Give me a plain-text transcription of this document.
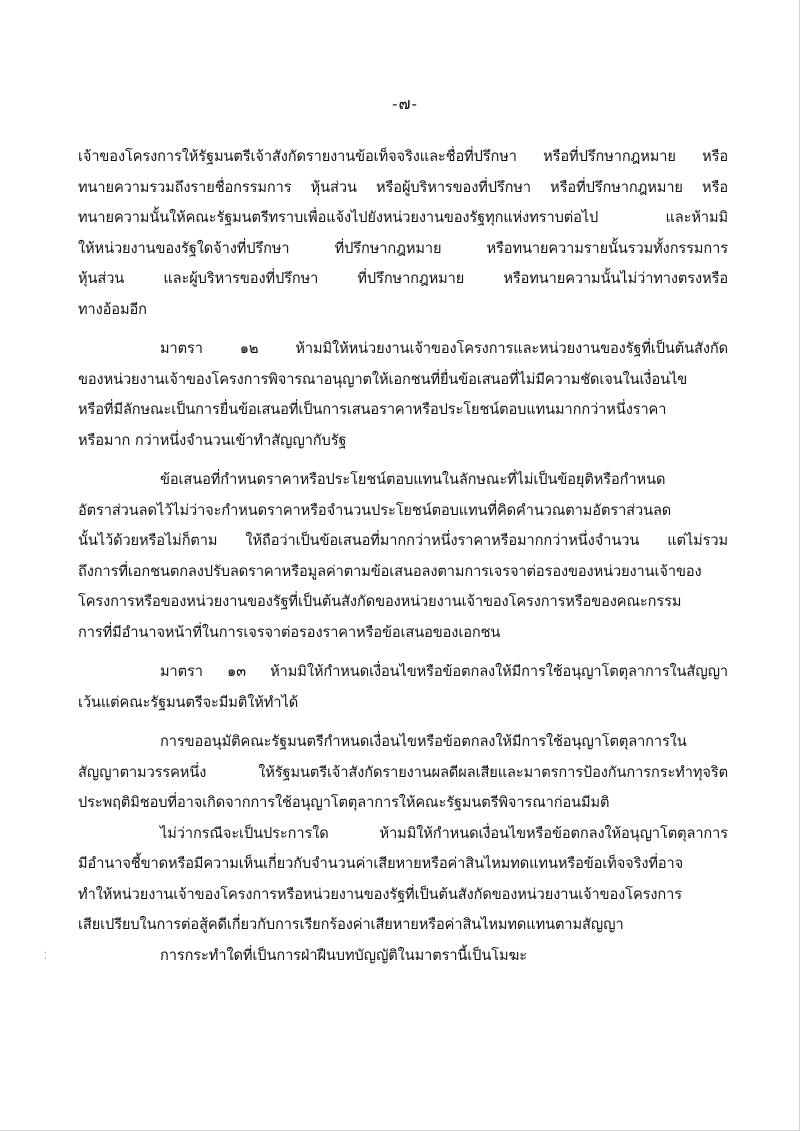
-๗-
เจ้าของโครงการให้รัฐมนตรีเจ้าสังกัดรายงานข้อเท็จจริงและชื่อที่ปรึกษา หรือที่ปรึกษากฎหมาย หรือ
ทนายความรวมถึงรายชื่อกรรมการ หุ้นส่วน หรือผู้บริหารของที่ปรึกษา หรือที่ปรึกษากฎหมาย หรือ
ทนายความนั้นให้คณะรัฐมนตรีทราบเพื่อแจ้งไปยังหน่วยงานของรัฐทุกแห่งทราบต่อไป และห้ามมิ
ให้หน่วยงานของรัฐใดจ้างที่ปรึกษา ที่ปรึกษากฎหมาย หรือทนายความรายนั้นรวมทั้งกรรมการ
หุ้นส่วน และผู้บริหารของที่ปรึกษา ที่ปรึกษากฎหมาย หรือทนายความนั้นไม่ว่าทางตรงหรือ
ทางอ้อมอีก
มาตรา ๑๒ ห้ามมิให้หน่วยงานเจ้าของโครงการและหน่วยงานของรัฐที่เป็นต้นสังกัด
ของหน่วยงานเจ้าของโครงการพิจารณาอนุญาตให้เอกชนที่ยื่นข้อเสนอที่ไม่มีความชัดเจนในเงื่อนไข
หรือที่มีลักษณะเป็นการยื่นข้อเสนอที่เป็นการเสนอราคาหรือประโยชน์ตอบแทนมากกว่าหนึ่งราคา
หรือมาก กว่าหนึ่งจำนวนเข้าทำสัญญากับรัฐ
ข้อเสนอที่กำหนดราคาหรือประโยชน์ตอบแทนในลักษณะที่ไม่เป็นข้อยุติหรือกำหนด
อัตราส่วนลดไว้ไม่ว่าจะกำหนดราคาหรือจำนวนประโยชน์ตอบแทนที่คิดคำนวณตามอัตราส่วนลด
นั้นไว้ด้วยหรือไม่ก็ตาม ให้ถือว่าเป็นข้อเสนอที่มากกว่าหนึ่งราคาหรือมากกว่าหนึ่งจำนวน แต่ไม่รวม
ถึงการที่เอกชนตกลงปรับลดราคาหรือมูลค่าตามข้อเสนอลงตามการเจรจาต่อรองของหน่วยงานเจ้าของ
โครงการหรือของหน่วยงานของรัฐที่เป็นต้นสังกัดของหน่วยงานเจ้าของโครงการหรือของคณะกรรม
การที่มีอำนาจหน้าที่ในการเจรจาต่อรองราคาหรือข้อเสนอของเอกชน
มาตรา ๑๓ ห้ามมิให้กำหนดเงื่อนไขหรือข้อตกลงให้มีการใช้อนุญาโตตุลาการในสัญญา
เว้นแต่คณะรัฐมนตรีจะมีมติให้ทำได้
การขออนุมัติคณะรัฐมนตรีกำหนดเงื่อนไขหรือข้อตกลงให้มีการใช้อนุญาโตตุลาการใน
สัญญาตามวรรคหนึ่ง ให้รัฐมนตรีเจ้าสังกัดรายงานผลดีผลเสียและมาตรการป้องกันการกระทำทุจริต
ประพฤติมิชอบที่อาจเกิดจากการใช้อนุญาโตตุลาการให้คณะรัฐมนตรีพิจารณาก่อนมีมติ
ไม่ว่ากรณีจะเป็นประการใด ห้ามมิให้กำหนดเงื่อนไขหรือข้อตกลงให้อนุญาโตตุลาการ
มีอำนาจชี้ขาดหรือมีความเห็นเกี่ยวกับจำนวนค่าเสียหายหรือค่าสินไหมทดแทนหรือข้อเท็จจริงที่อาจ
ทำให้หน่วยงานเจ้าของโครงการหรือหน่วยงานของรัฐที่เป็นต้นสังกัดของหน่วยงานเจ้าของโครงการ
เสียเปรียบในการต่อสู้คดีเกี่ยวกับการเรียกร้องค่าเสียหายหรือค่าสินไหมทดแทนตามสัญญา
การกระทำใดที่เป็นการฝ่าฝืนบทบัญญัติในมาตรานี้เป็นโมฆะ
⁚
